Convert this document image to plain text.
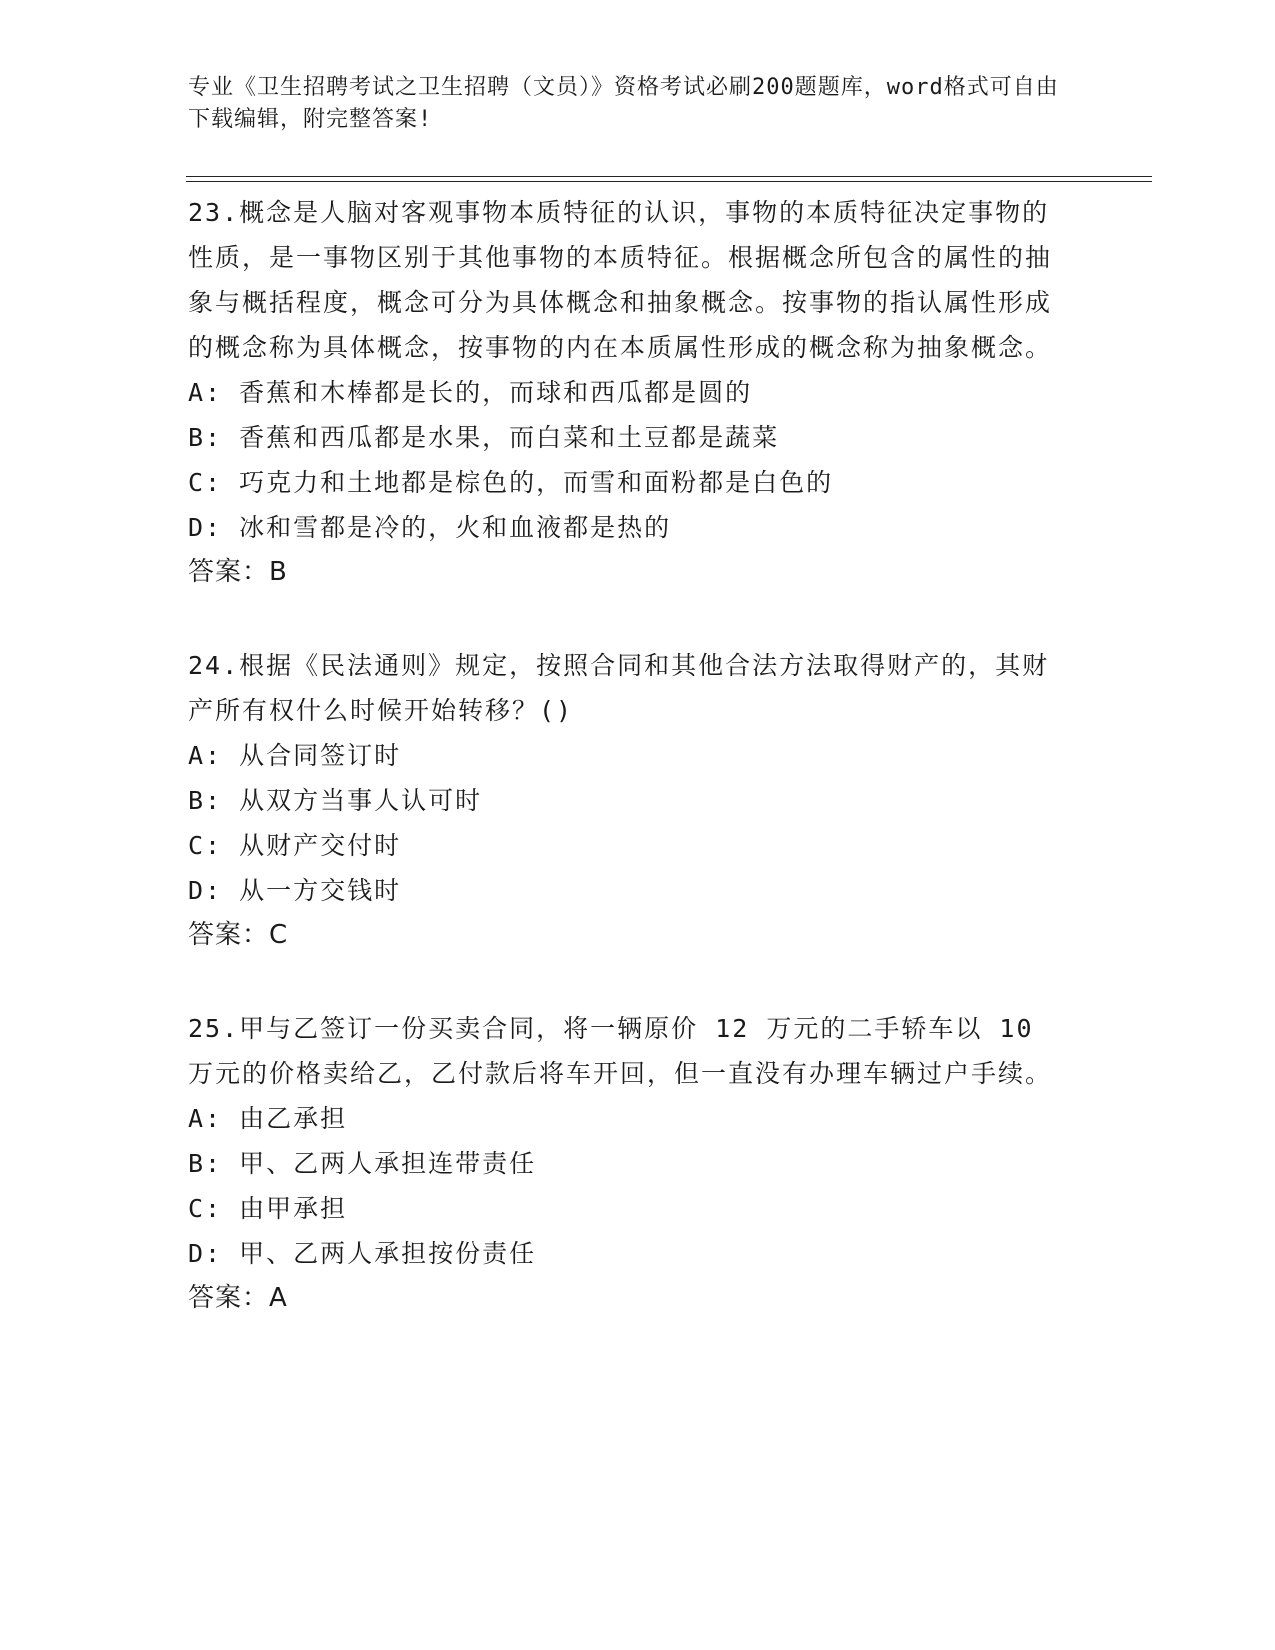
专业《卫生招聘考试之卫生招聘（文员）》资格考试必刷200题题库，word格式可自由下载编辑，附完整答案!
23.概念是人脑对客观事物本质特征的认识，事物的本质特征决定事物的性质，是一事物区别于其他事物的本质特征。根据概念所包含的属性的抽象与概括程度，概念可分为具体概念和抽象概念。按事物的指认属性形成的概念称为具体概念，按事物的内在本质属性形成的概念称为抽象概念。
A: 香蕉和木棒都是长的，而球和西瓜都是圆的
B: 香蕉和西瓜都是水果，而白菜和土豆都是蔬菜
C: 巧克力和土地都是棕色的，而雪和面粉都是白色的
D: 冰和雪都是冷的，火和血液都是热的
答案：B
24.根据《民法通则》规定，按照合同和其他合法方法取得财产的，其财产所有权什么时候开始转移？()
A: 从合同签订时
B: 从双方当事人认可时
C: 从财产交付时
D: 从一方交钱时
答案：C
25.甲与乙签订一份买卖合同，将一辆原价 12 万元的二手轿车以 10 万元的价格卖给乙，乙付款后将车开回，但一直没有办理车辆过户手续。
A: 由乙承担
B: 甲、乙两人承担连带责任
C: 由甲承担
D: 甲、乙两人承担按份责任
答案：A
